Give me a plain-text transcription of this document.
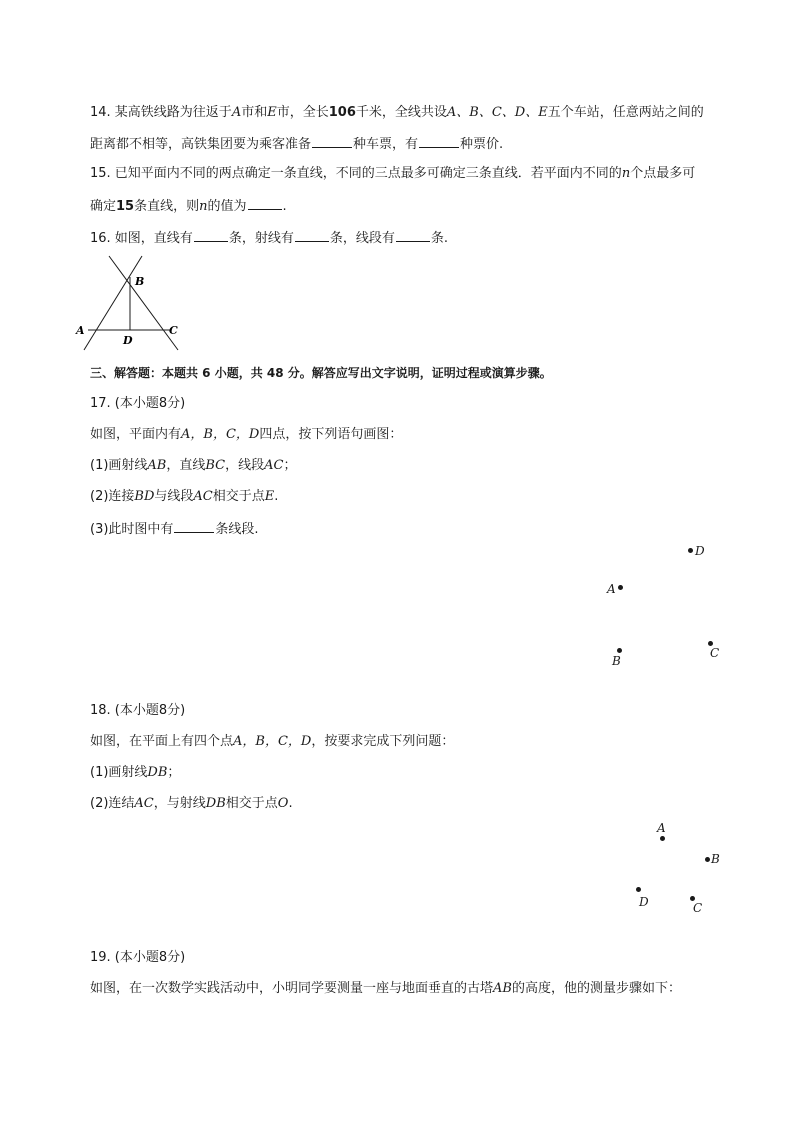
14. 某高铁线路为往返于A市和E市，全长106千米，全线共设A、B、C、D、E五个车站，任意两站之间的
距离都不相等，高铁集团要为乘客准备	种车票，有	种票价.
15. 已知平面内不同的两点确定一条直线，不同的三点最多可确定三条直线．若平面内不同的n个点最多可
确定15条直线，则n的值为	.
16. 如图，直线有	条，射线有	条，线段有	条.
B
A	C
D
三、解答题：本题共 6 小题，共 48 分。解答应写出文字说明，证明过程或演算步骤。
17. (本小题8分)
如图，平面内有A，B，C，D四点，按下列语句画图：
(1)画射线AB，直线BC，线段AC；
(2)连接BD与线段AC相交于点E.
(3)此时图中有	条线段.
D
A
C
B
18. (本小题8分)
如图，在平面上有四个点A，B，C，D，按要求完成下列问题：
(1)画射线DB；
(2)连结AC，与射线DB相交于点O.
A
B
D	C
19. (本小题8分)
如图，在一次数学实践活动中，小明同学要测量一座与地面垂直的古塔AB的高度，他的测量步骤如下：
